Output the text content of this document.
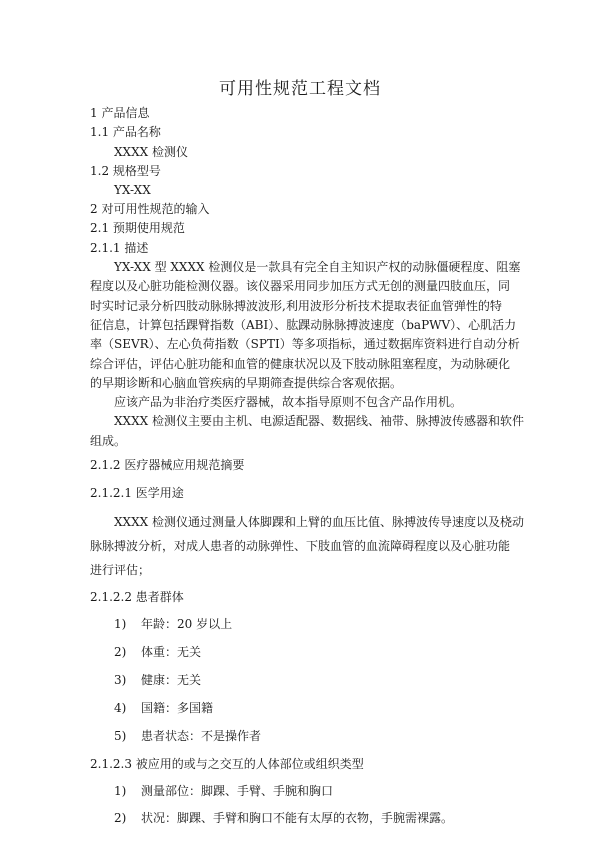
可用性规范工程文档
1 产品信息
1.1 产品名称
XXXX 检测仪
1.2 规格型号
YX-XX
2 对可用性规范的输入
2.1 预期使用规范
2.1.1 描述
YX-XX 型 XXXX 检测仪是一款具有完全自主知识产权的动脉僵硬程度、阻塞
程度以及心脏功能检测仪器。该仪器采用同步加压方式无创的测量四肢血压，同
时实时记录分析四肢动脉脉搏波波形,利用波形分析技术提取表征血管弹性的特
征信息，计算包括踝臂指数（ABI）、肱踝动脉脉搏波速度（baPWV）、心肌活力
率（SEVR）、左心负荷指数（SPTI）等多项指标，通过数据库资料进行自动分析
综合评估，评估心脏功能和血管的健康状况以及下肢动脉阻塞程度，为动脉硬化
的早期诊断和心脑血管疾病的早期筛查提供综合客观依据。
应该产品为非治疗类医疗器械，故本指导原则不包含产品作用机。
XXXX 检测仪主要由主机、电源适配器、数据线、袖带、脉搏波传感器和软件
组成。
2.1.2 医疗器械应用规范摘要
2.1.2.1 医学用途
XXXX 检测仪通过测量人体脚踝和上臂的血压比值、脉搏波传导速度以及桡动
脉脉搏波分析，对成人患者的动脉弹性、下肢血管的血流障碍程度以及心脏功能
进行评估；
2.1.2.2 患者群体
1) 年龄：20 岁以上
2) 体重：无关
3) 健康：无关
4) 国籍：多国籍
5) 患者状态：不是操作者
2.1.2.3 被应用的或与之交互的人体部位或组织类型
1) 测量部位：脚踝、手臂、手腕和胸口
2) 状况：脚踝、手臂和胸口不能有太厚的衣物，手腕需裸露。
